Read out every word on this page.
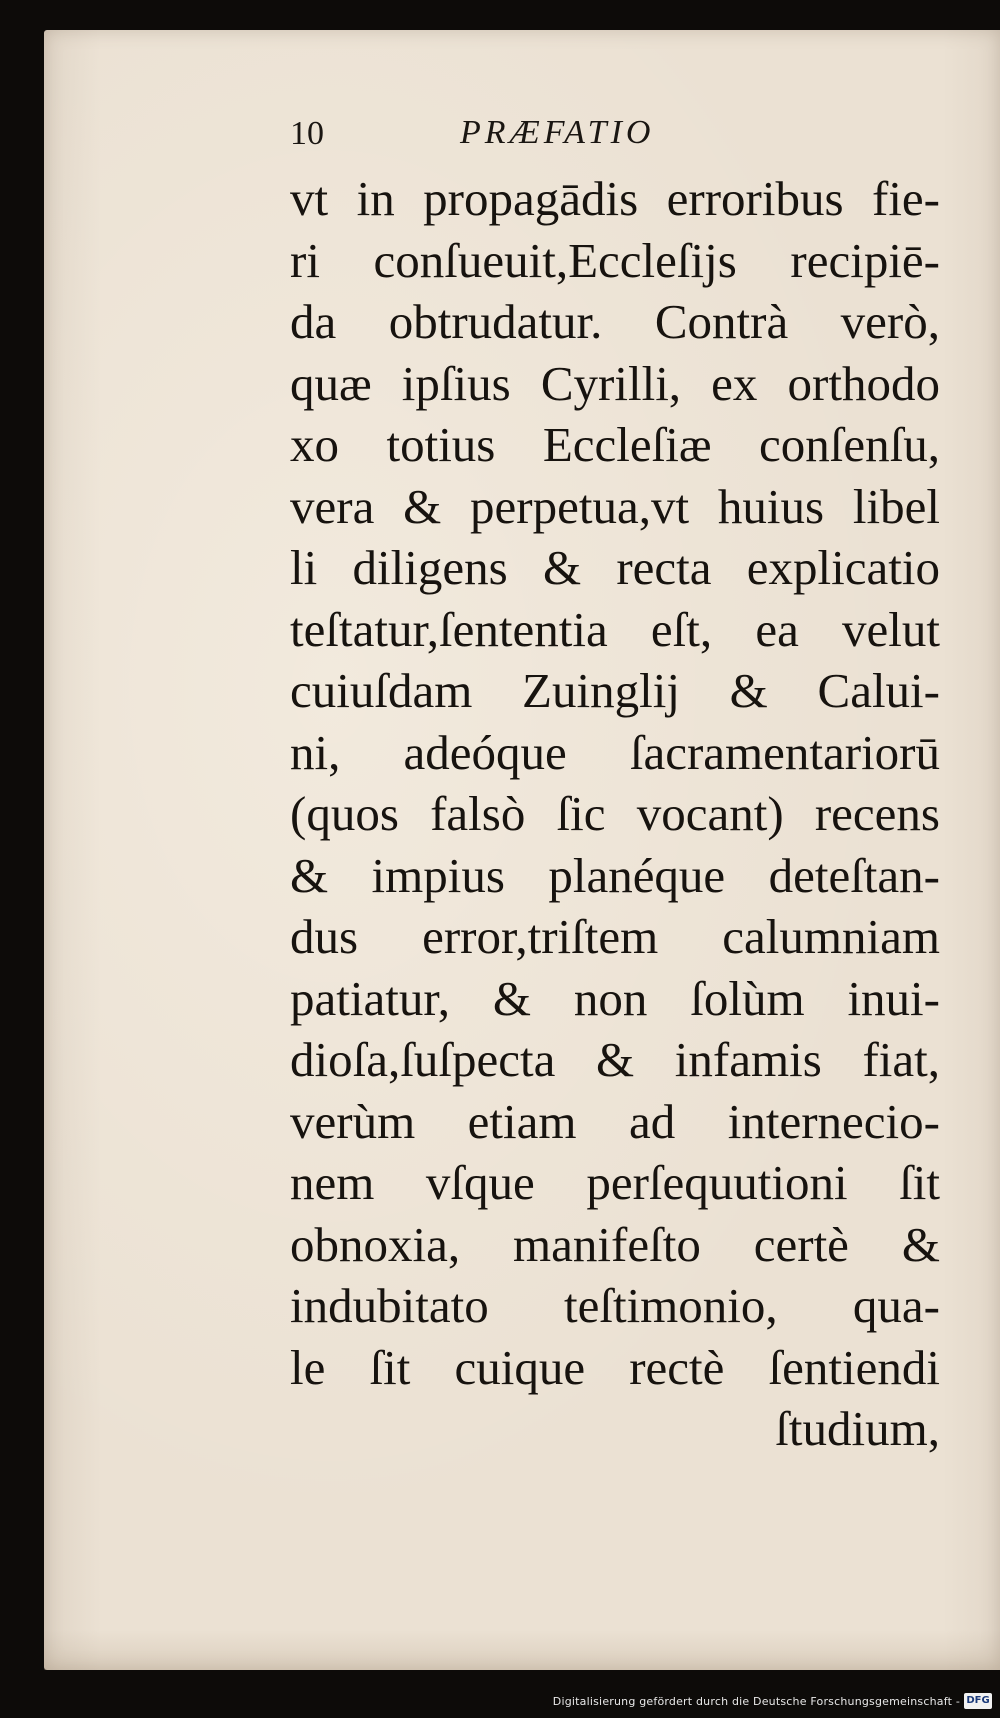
10	PRÆFATIO
vt in propagādis erroribus fie-
ri conſueuit,Eccleſijs recipiē-
da obtrudatur. Contrà verò,
quæ ipſius Cyrilli, ex orthodo
xo totius Eccleſiæ conſenſu,
vera & perpetua,vt huius libel
li diligens & recta explicatio
teſtatur,ſententia eſt, ea velut
cuiuſdam Zuinglij & Calui-
ni, adeóque ſacramentariorū
(quos falsò ſic vocant) recens
& impius planéque deteſtan-
dus error,triſtem calumniam
patiatur, & non ſolùm inui-
dioſa,ſuſpecta & infamis fiat,
verùm etiam ad internecio-
nem vſque perſequutioni ſit
obnoxia, manifeſto certè &
indubitato teſtimonio, qua-
le ſit cuique rectè ſentiendi
ſtudium,
Digitalisierung gefördert durch die Deutsche Forschungsgemeinschaft - DFG
